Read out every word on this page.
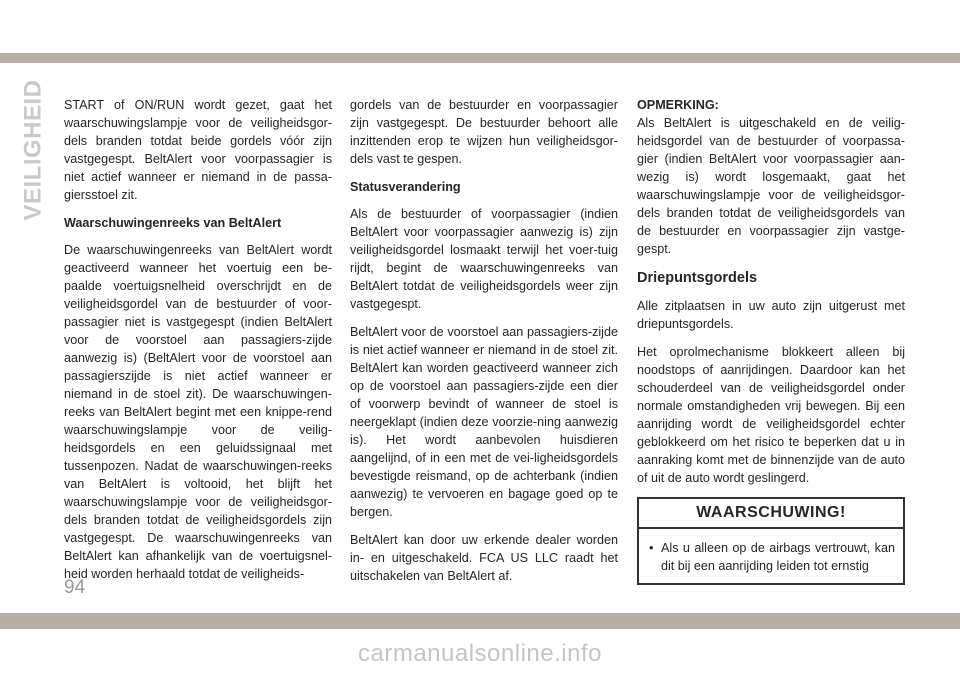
VEILIGHEID START of ON/RUN wordt gezet, gaat het waarschuwingslampje voor de veiligheidsgor-dels branden totdat beide gordels vóór zijn vastgegespt. BeltAlert voor voorpassagier is niet actief wanneer er niemand in de passa-giersstoel zit.

Waarschuwingenreeks van BeltAlert

De waarschuwingenreeks van BeltAlert wordt geactiveerd wanneer het voertuig een be-paalde voertuigsnelheid overschrijdt en de veiligheidsgordel van de bestuurder of voor-passagier niet is vastgegespt (indien BeltAlert voor de voorstoel aan passagiers-zijde aanwezig is) (BeltAlert voor de voorstoel aan passagierszijde is niet actief wanneer er niemand in de stoel zit). De waarschuwingen-reeks van BeltAlert begint met een knippe-rend waarschuwingslampje voor de veilig-heidsgordels en een geluidssignaal met tussenpozen. Nadat de waarschuwingen-reeks van BeltAlert is voltooid, het blijft het waarschuwingslampje voor de veiligheidsgor-dels branden totdat de veiligheidsgordels zijn vastgegespt. De waarschuwingenreeks van BeltAlert kan afhankelijk van de voertuigsnel-heid worden herhaald totdat de veiligheids-

gordels van de bestuurder en voorpassagier zijn vastgegespt. De bestuurder behoort alle inzittenden erop te wijzen hun veiligheidsgor-dels vast te gespen.

Statusverandering

Als de bestuurder of voorpassagier (indien BeltAlert voor voorpassagier aanwezig is) zijn veiligheidsgordel losmaakt terwijl het voer-tuig rijdt, begint de waarschuwingenreeks van BeltAlert totdat de veiligheidsgordels weer zijn vastgegespt.

BeltAlert voor de voorstoel aan passagiers-zijde is niet actief wanneer er niemand in de stoel zit. BeltAlert kan worden geactiveerd wanneer zich op de voorstoel aan passagiers-zijde een dier of voorwerp bevindt of wanneer de stoel is neergeklapt (indien deze voorzie-ning aanwezig is). Het wordt aanbevolen huisdieren aangelijnd, of in een met de vei-ligheidsgordels bevestigde reismand, op de achterbank (indien aanwezig) te vervoeren en bagage goed op te bergen.

BeltAlert kan door uw erkende dealer worden in- en uitgeschakeld. FCA US LLC raadt het uitschakelen van BeltAlert af.

OPMERKING:
Als BeltAlert is uitgeschakeld en de veilig-heidsgordel van de bestuurder of voorpassa-gier (indien BeltAlert voor voorpassagier aan-wezig is) wordt losgemaakt, gaat het waarschuwingslampje voor de veiligheidsgor-dels branden totdat de veiligheidsgordels van de bestuurder en voorpassagier zijn vastge-gespt.

Driepuntsgordels

Alle zitplaatsen in uw auto zijn uitgerust met driepuntsgordels.

Het oprolmechanisme blokkeert alleen bij noodstops of aanrijdingen. Daardoor kan het schouderdeel van de veiligheidsgordel onder normale omstandigheden vrij bewegen. Bij een aanrijding wordt de veiligheidsgordel echter geblokkeerd om het risico te beperken dat u in aanraking komt met de binnenzijde van de auto of uit de auto wordt geslingerd.

WAARSCHUWING!
• Als u alleen op de airbags vertrouwt, kan dit bij een aanrijding leiden tot ernstig
94
carmanualsonline.info
